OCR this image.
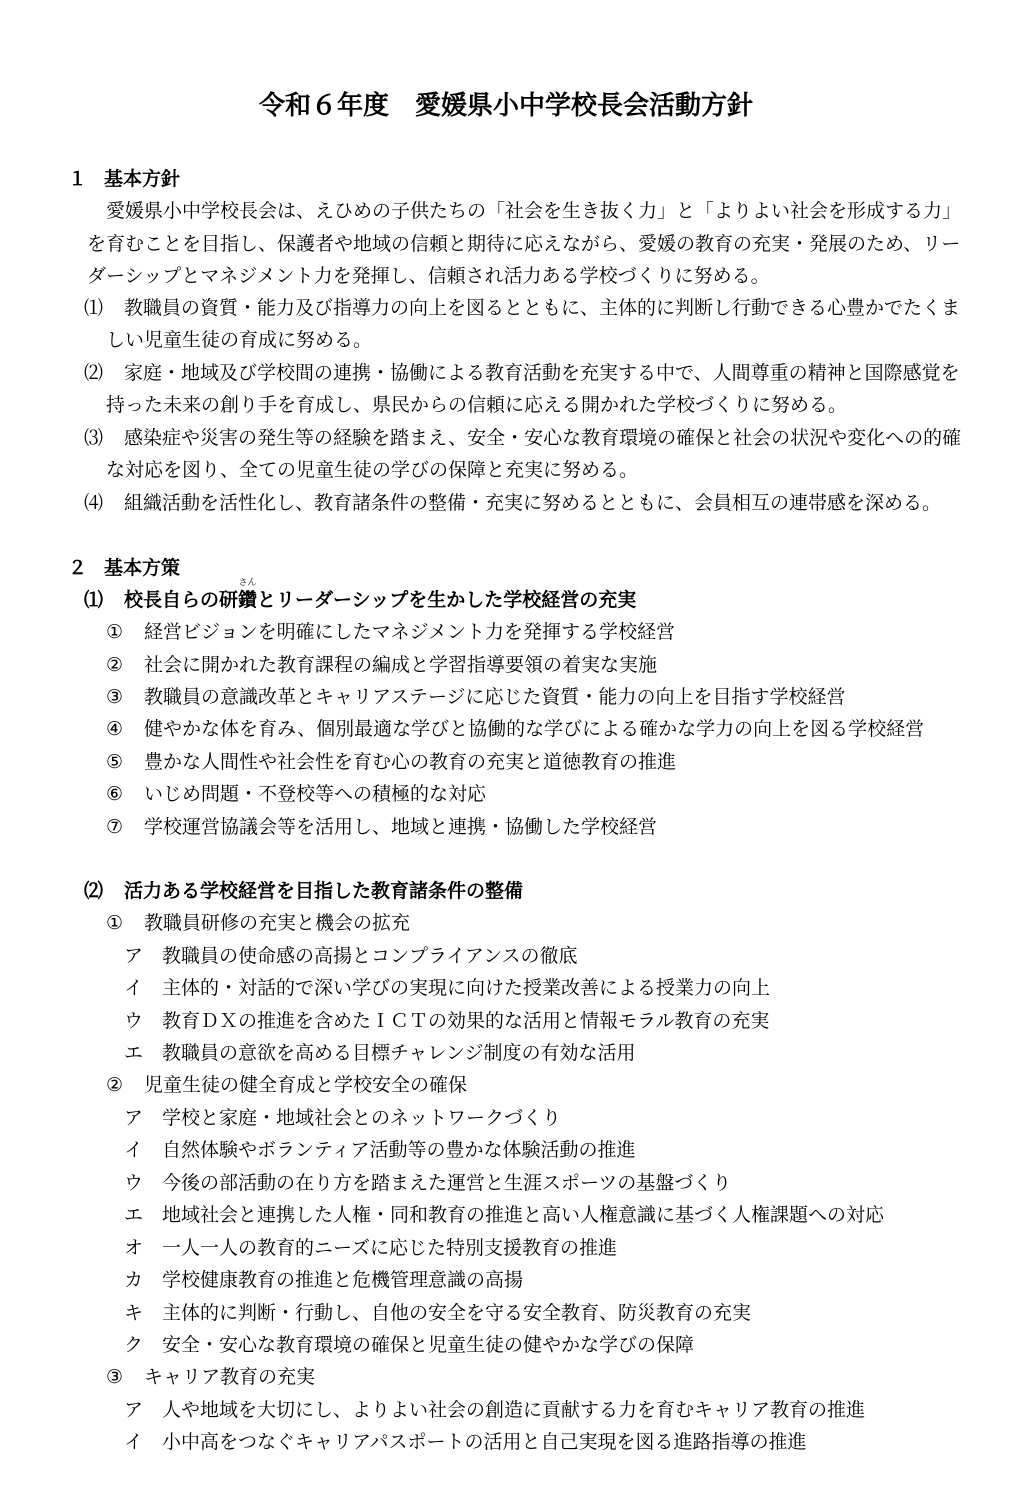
令和６年度　愛媛県小中学校長会活動方針
１ 基本方針
愛媛県小中学校長会は、えひめの子供たちの「社会を生き抜く力」と「よりよい社会を形成する力」
を育むことを目指し、保護者や地域の信頼と期待に応えながら、愛媛の教育の充実・発展のため、リー
ダーシップとマネジメント力を発揮し、信頼され活力ある学校づくりに努める。
⑴ 教職員の資質・能力及び指導力の向上を図るとともに、主体的に判断し行動できる心豊かでたくま
しい児童生徒の育成に努める。
⑵ 家庭・地域及び学校間の連携・協働による教育活動を充実する中で、人間尊重の精神と国際感覚を
持った未来の創り手を育成し、県民からの信頼に応える開かれた学校づくりに努める。
⑶ 感染症や災害の発生等の経験を踏まえ、安全・安心な教育環境の確保と社会の状況や変化への的確
な対応を図り、全ての児童生徒の学びの保障と充実に努める。
⑷ 組織活動を活性化し、教育諸条件の整備・充実に努めるとともに、会員相互の連帯感を深める。
２ 基本方策
⑴ 校長自らの研
さん
鑽とリーダーシップを生かした学校経営の充実
① 経営ビジョンを明確にしたマネジメント力を発揮する学校経営
② 社会に開かれた教育課程の編成と学習指導要領の着実な実施
③ 教職員の意識改革とキャリアステージに応じた資質・能力の向上を目指す学校経営
④ 健やかな体を育み、個別最適な学びと協働的な学びによる確かな学力の向上を図る学校経営
⑤ 豊かな人間性や社会性を育む心の教育の充実と道徳教育の推進
⑥ いじめ問題・不登校等への積極的な対応
⑦ 学校運営協議会等を活用し、地域と連携・協働した学校経営
⑵ 活力ある学校経営を目指した教育諸条件の整備
① 教職員研修の充実と機会の拡充
ア 教職員の使命感の高揚とコンプライアンスの徹底
イ 主体的・対話的で深い学びの実現に向けた授業改善による授業力の向上
ウ 教育ＤＸの推進を含めたＩＣＴの効果的な活用と情報モラル教育の充実
エ 教職員の意欲を高める目標チャレンジ制度の有効な活用
② 児童生徒の健全育成と学校安全の確保
ア 学校と家庭・地域社会とのネットワークづくり
イ 自然体験やボランティア活動等の豊かな体験活動の推進
ウ 今後の部活動の在り方を踏まえた運営と生涯スポーツの基盤づくり
エ 地域社会と連携した人権・同和教育の推進と高い人権意識に基づく人権課題への対応
オ 一人一人の教育的ニーズに応じた特別支援教育の推進
カ 学校健康教育の推進と危機管理意識の高揚
キ 主体的に判断・行動し、自他の安全を守る安全教育、防災教育の充実
ク 安全・安心な教育環境の確保と児童生徒の健やかな学びの保障
③ キャリア教育の充実
ア 人や地域を大切にし、よりよい社会の創造に貢献する力を育むキャリア教育の推進
イ 小中高をつなぐキャリアパスポートの活用と自己実現を図る進路指導の推進
